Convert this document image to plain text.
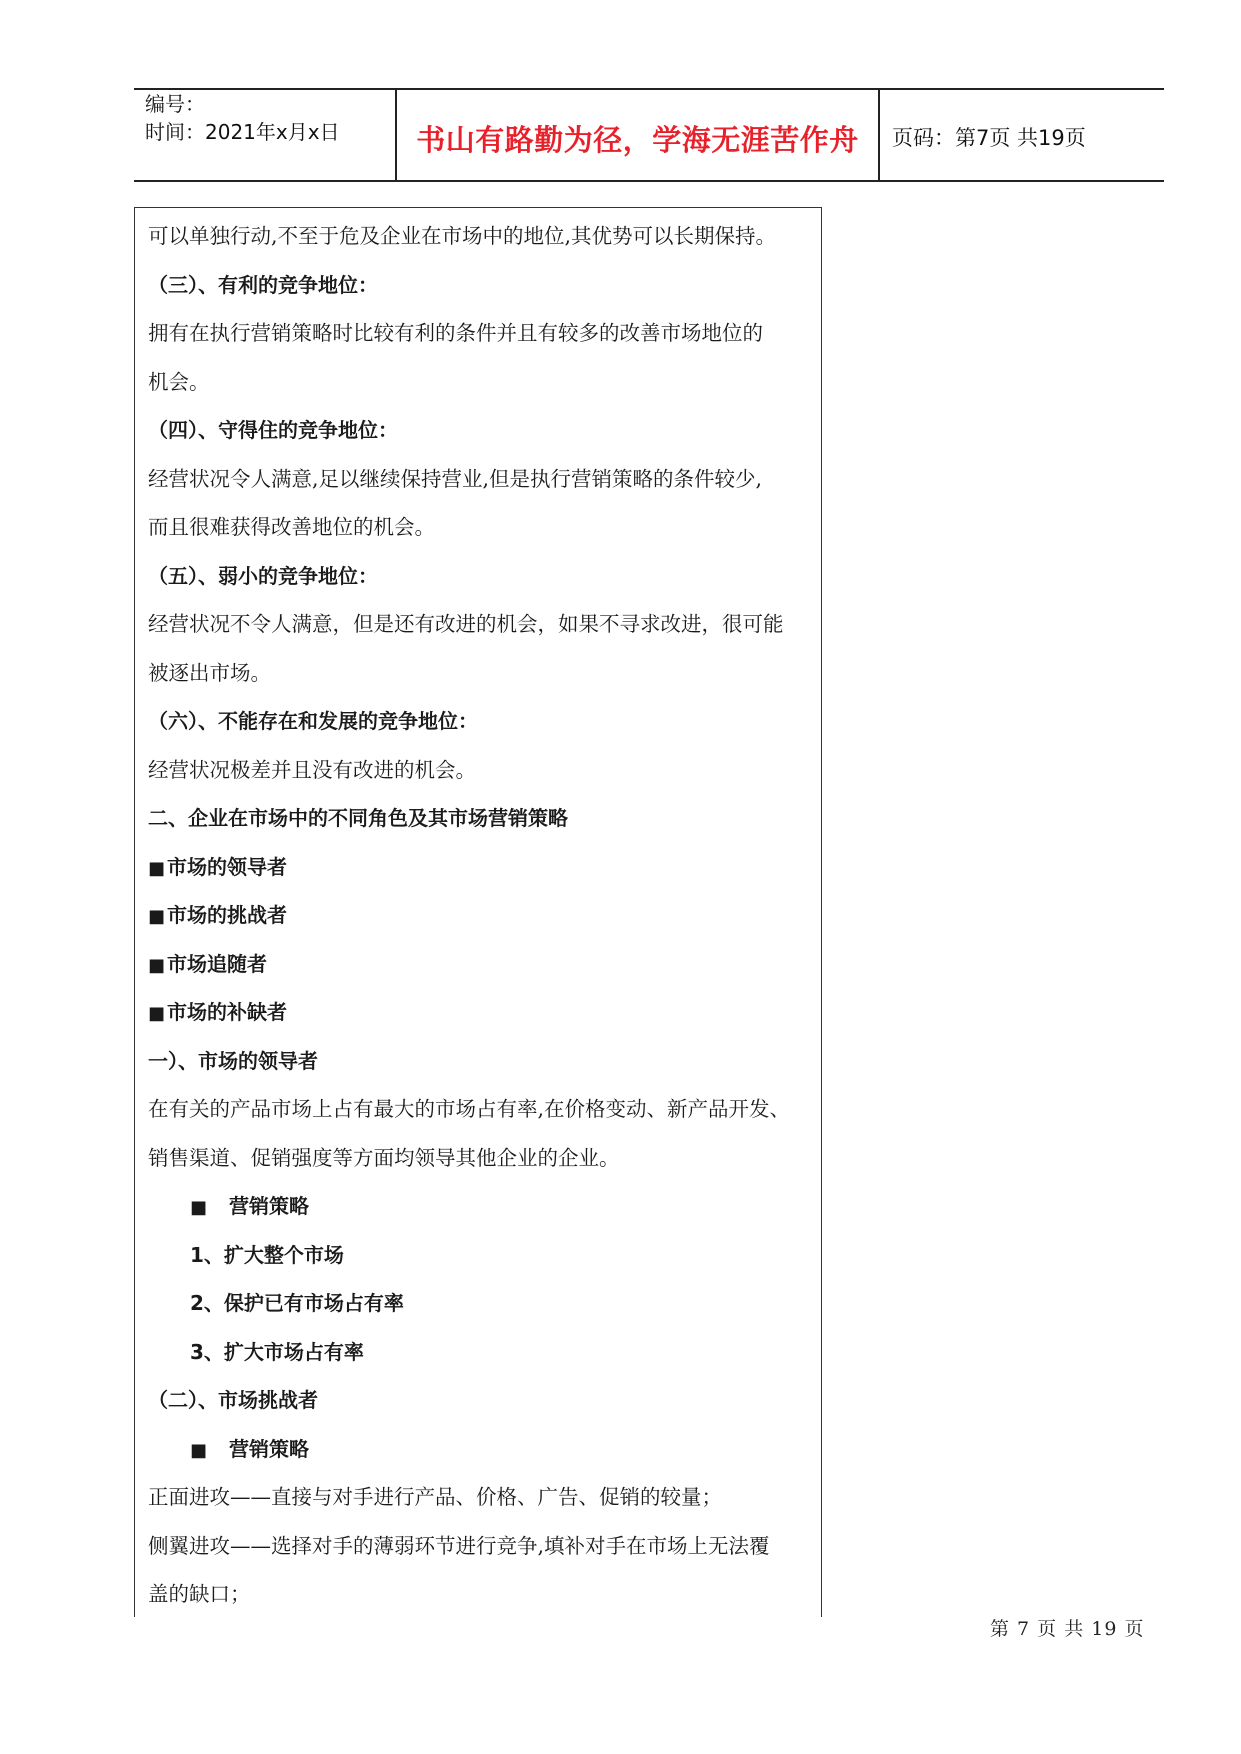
编号：
时间：2021年x月x日	书山有路勤为径，学海无涯苦作舟	页码：第7页 共19页
可以单独行动,不至于危及企业在市场中的地位,其优势可以长期保持。
（三）、有利的竞争地位：
拥有在执行营销策略时比较有利的条件并且有较多的改善市场地位的
机会。
（四）、守得住的竞争地位：
经营状况令人满意,足以继续保持营业,但是执行营销策略的条件较少,
而且很难获得改善地位的机会。
（五）、弱小的竞争地位：
经营状况不令人满意，但是还有改进的机会，如果不寻求改进，很可能
被逐出市场。
（六）、不能存在和发展的竞争地位：
经营状况极差并且没有改进的机会。
二、企业在市场中的不同角色及其市场营销策略
■ 市场的领导者
■ 市场的挑战者
■ 市场追随者
■ 市场的补缺者
一）、市场的领导者
在有关的产品市场上占有最大的市场占有率,在价格变动、新产品开发、
销售渠道、促销强度等方面均领导其他企业的企业。
■ 营销策略
1、扩大整个市场
2、保护已有市场占有率
3、扩大市场占有率
（二）、市场挑战者
■ 营销策略
正面进攻——直接与对手进行产品、价格、广告、促销的较量；
侧翼进攻——选择对手的薄弱环节进行竞争,填补对手在市场上无法覆
盖的缺口；
第 7 页 共 19 页
